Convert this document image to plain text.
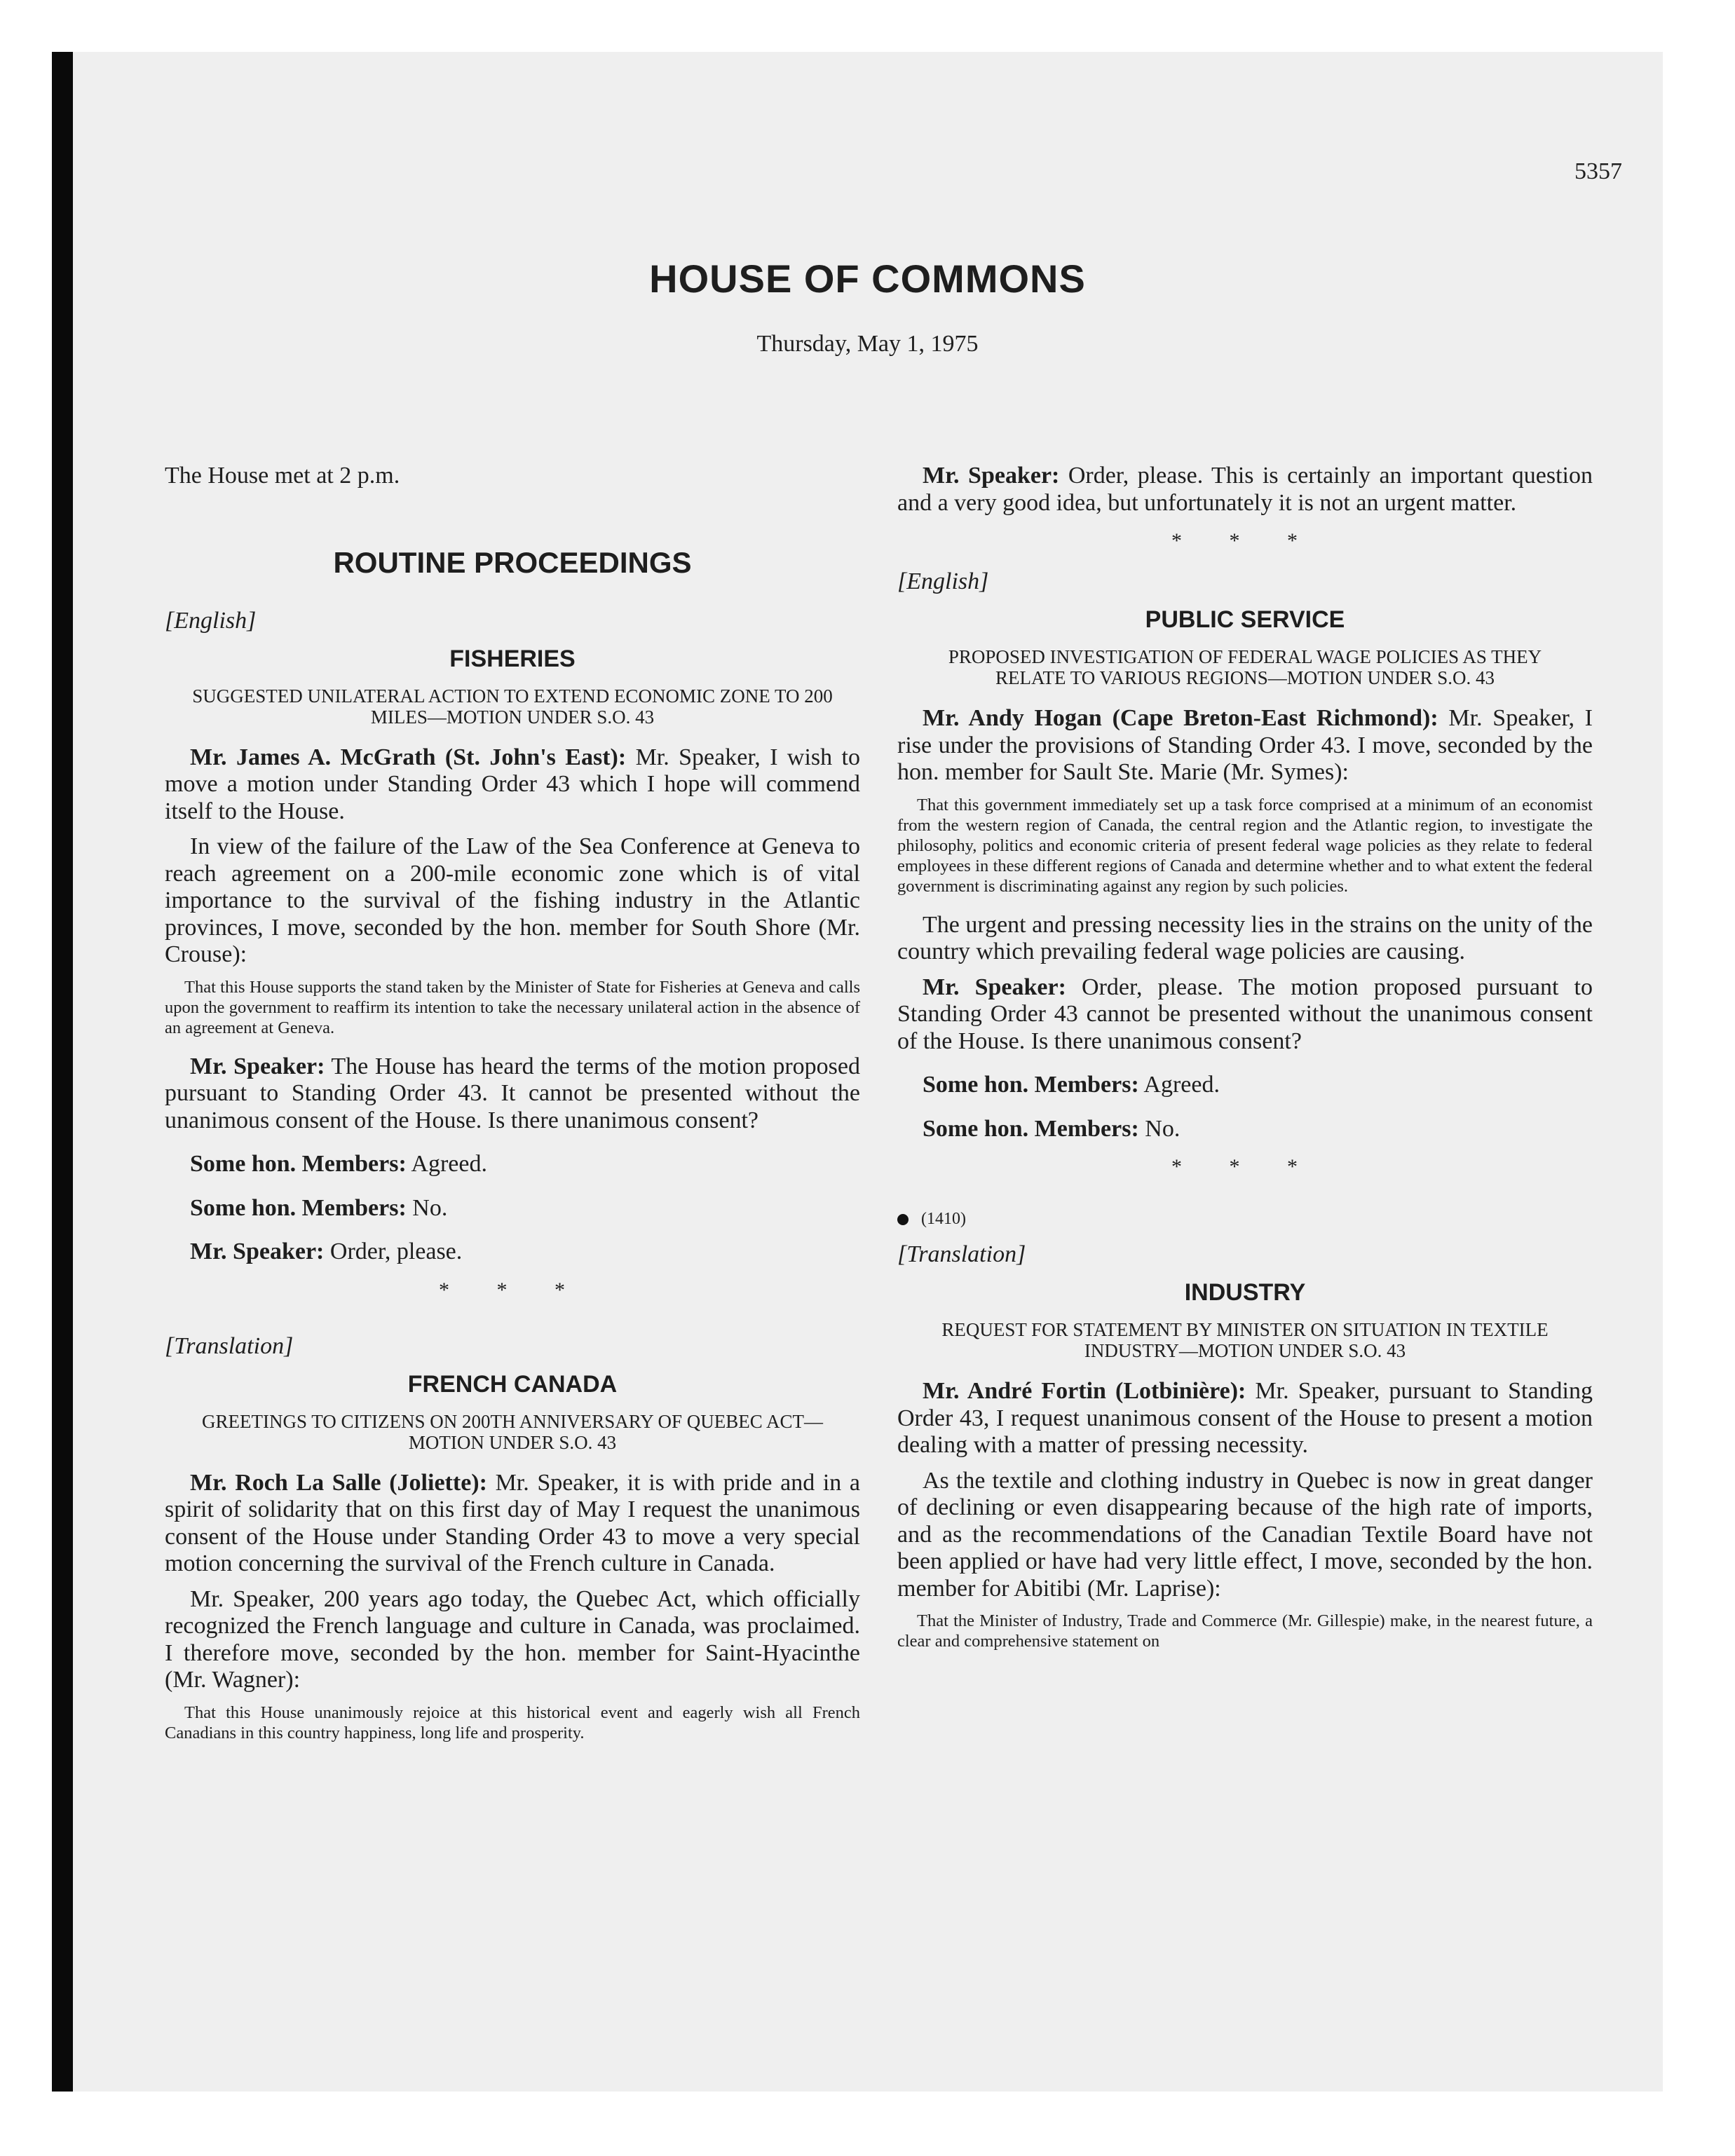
5357
HOUSE OF COMMONS
Thursday, May 1, 1975

The House met at 2 p.m.

ROUTINE PROCEEDINGS
[English]
FISHERIES
SUGGESTED UNILATERAL ACTION TO EXTEND ECONOMIC ZONE TO 200 MILES—MOTION UNDER S.O. 43

Mr. James A. McGrath (St. John's East): Mr. Speaker, I wish to move a motion under Standing Order 43 which I hope will commend itself to the House.

In view of the failure of the Law of the Sea Conference at Geneva to reach agreement on a 200-mile economic zone which is of vital importance to the survival of the fishing industry in the Atlantic provinces, I move, seconded by the hon. member for South Shore (Mr. Crouse):

That this House supports the stand taken by the Minister of State for Fisheries at Geneva and calls upon the government to reaffirm its intention to take the necessary unilateral action in the absence of an agreement at Geneva.

Mr. Speaker: The House has heard the terms of the motion proposed pursuant to Standing Order 43. It cannot be presented without the unanimous consent of the House. Is there unanimous consent?

Some hon. Members: Agreed.

Some hon. Members: No.

Mr. Speaker: Order, please.

* * *
[Translation]
FRENCH CANADA
GREETINGS TO CITIZENS ON 200TH ANNIVERSARY OF QUEBEC ACT—MOTION UNDER S.O. 43

Mr. Roch La Salle (Joliette): Mr. Speaker, it is with pride and in a spirit of solidarity that on this first day of May I request the unanimous consent of the House under Standing Order 43 to move a very special motion concerning the survival of the French culture in Canada.

Mr. Speaker, 200 years ago today, the Quebec Act, which officially recognized the French language and culture in Canada, was proclaimed. I therefore move, seconded by the hon. member for Saint-Hyacinthe (Mr. Wagner):

That this House unanimously rejoice at this historical event and eagerly wish all French Canadians in this country happiness, long life and prosperity.

Mr. Speaker: Order, please. This is certainly an important question and a very good idea, but unfortunately it is not an urgent matter.

* * *
[English]
PUBLIC SERVICE
PROPOSED INVESTIGATION OF FEDERAL WAGE POLICIES AS THEY RELATE TO VARIOUS REGIONS—MOTION UNDER S.O. 43

Mr. Andy Hogan (Cape Breton-East Richmond): Mr. Speaker, I rise under the provisions of Standing Order 43. I move, seconded by the hon. member for Sault Ste. Marie (Mr. Symes):

That this government immediately set up a task force comprised at a minimum of an economist from the western region of Canada, the central region and the Atlantic region, to investigate the philosophy, politics and economic criteria of present federal wage policies as they relate to federal employees in these different regions of Canada and determine whether and to what extent the federal government is discriminating against any region by such policies.

The urgent and pressing necessity lies in the strains on the unity of the country which prevailing federal wage policies are causing.

Mr. Speaker: Order, please. The motion proposed pursuant to Standing Order 43 cannot be presented without the unanimous consent of the House. Is there unanimous consent?

Some hon. Members: Agreed.

Some hon. Members: No.

* * *
(1410)
[Translation]
INDUSTRY
REQUEST FOR STATEMENT BY MINISTER ON SITUATION IN TEXTILE INDUSTRY—MOTION UNDER S.O. 43

Mr. André Fortin (Lotbinière): Mr. Speaker, pursuant to Standing Order 43, I request unanimous consent of the House to present a motion dealing with a matter of pressing necessity.

As the textile and clothing industry in Quebec is now in great danger of declining or even disappearing because of the high rate of imports, and as the recommendations of the Canadian Textile Board have not been applied or have had very little effect, I move, seconded by the hon. member for Abitibi (Mr. Laprise):

That the Minister of Industry, Trade and Commerce (Mr. Gillespie) make, in the nearest future, a clear and comprehensive statement on
